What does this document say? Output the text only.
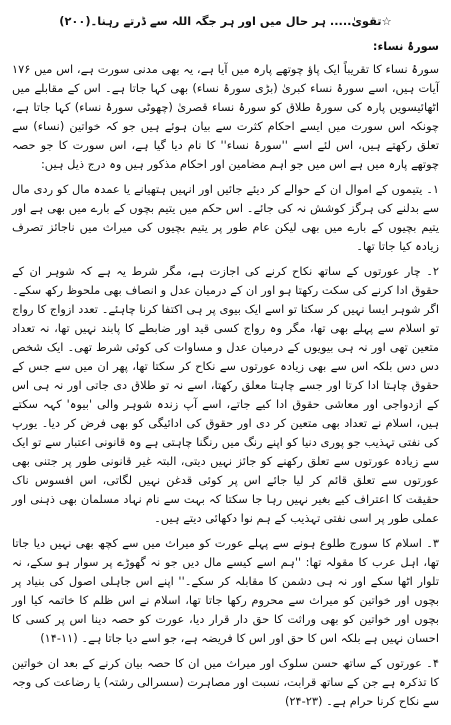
☆تقویٰ..... ہر حال میں اور ہر جگہ اللہ سے ڈرتے رہنا۔(۲۰۰)
سورۂ نساء:

سورۂ نساء کا تقریباً ایک پاؤ چوتھے پارہ میں آیا ہے، یہ بھی مدنی سورت ہے، اس میں ۱۷۶ آیات ہیں، اسے سورۂ نساء کبریٰ (بڑی سورۂ نساء) بھی کہا جاتا ہے۔ اس کے مقابلے میں اٹھائیسویں پارہ کی سورۂ طلاق کو سورۂ نساء قصریٰ (چھوٹی سورۂ نساء) کہا جاتا ہے، چونکہ اس سورت میں ایسے احکام کثرت سے بیان ہوئے ہیں جو کہ خواتین (نساء) سے تعلق رکھتے ہیں، اس لئے اسے ''سورۂ نساء'' کا نام دیا گیا ہے، اس سورت کا جو حصہ چوتھے پارہ میں ہے اس میں جو اہم مضامین اور احکام مذکور ہیں وہ درج ذیل ہیں:

۱۔ یتیموں کے اموال ان کے حوالے کر دیئے جائیں اور انہیں ہتھیانے یا عمدہ مال کو ردی مال سے بدلنے کی ہرگز کوشش نہ کی جائے۔ اس حکم میں یتیم بچوں کے بارے میں بھی ہے اور یتیم بچیوں کے بارے میں بھی لیکن عام طور پر یتیم بچیوں کی میراث میں ناجائز تصرف زیادہ کیا جاتا تھا۔

۲۔ چار عورتوں کے ساتھ نکاح کرنے کی اجازت ہے، مگر شرط یہ ہے کہ شوہر ان کے حقوق ادا کرنے کی سکت رکھتا ہو اور ان کے درمیان عدل و انصاف بھی ملحوظ رکھ سکے۔ اگر شوہر ایسا نہیں کر سکتا تو اسے ایک بیوی پر ہی اکتفا کرنا چاہئے۔ تعدد ازواج کا رواج تو اسلام سے پہلے بھی تھا، مگر وہ رواج کسی قید اور ضابطے کا پابند نہیں تھا، نہ تعداد متعین تھی اور نہ ہی بیویوں کے درمیان عدل و مساوات کی کوئی شرط تھی۔ ایک شخص دس دس بلکہ اس سے بھی زیادہ عورتوں سے نکاح کر سکتا تھا، پھر ان میں سے جس کے حقوق چاہتا ادا کرتا اور جسے چاہتا معلق رکھتا، اسے نہ تو طلاق دی جاتی اور نہ ہی اس کے ازدواجی اور معاشی حقوق ادا کیے جاتے، اسے آپ زندہ شوہر والی 'بیوہ' کہہ سکتے ہیں، اسلام نے تعداد بھی متعین کر دی اور حقوق کی ادائیگی کو بھی فرض کر دیا۔ یورپ کی نفتی تہذیب جو پوری دنیا کو اپنے رنگ میں رنگنا چاہتی ہے وہ قانونی اعتبار سے تو ایک سے زیادہ عورتوں سے تعلق رکھنے کو جائز نہیں دیتی، البتہ غیر قانونی طور پر جتنی بھی عورتوں سے تعلق قائم کر لیا جائے اس پر کوئی قدغن نہیں لگاتی، اس افسوس ناک حقیقت کا اعتراف کیے بغیر نہیں رہا جا سکتا کہ بہت سے نام نہاد مسلمان بھی ذہنی اور عملی طور پر اسی نفتی تہذیب کے ہم نوا دکھائی دیتے ہیں۔

۳۔ اسلام کا سورج طلوع ہونے سے پہلے عورت کو میراث میں سے کچھ بھی نہیں دیا جاتا تھا، اہل عرب کا مقولہ تھا: ''ہم اسے کیسے مال دیں جو نہ گھوڑے پر سوار ہو سکے، نہ تلوار اٹھا سکے اور نہ ہی دشمن کا مقابلہ کر سکے۔'' اپنے اس جاہلی اصول کی بنیاد پر بچوں اور خواتین کو میراث سے محروم رکھا جاتا تھا، اسلام نے اس ظلم کا خاتمہ کیا اور بچوں اور خواتین کو بھی وراثت کا حق دار قرار دیا، عورت کو حصہ دینا اس پر کسی کا احسان نہیں ہے بلکہ اس کا حق اور اس کا فریضہ ہے، جو اسے دیا جاتا ہے۔ (۱۱-۱۴)

۴۔ عورتوں کے ساتھ حسن سلوک اور میراث میں ان کا حصہ بیان کرنے کے بعد ان خواتین کا تذکرہ ہے جن کے ساتھ قرابت، نسبت اور مصاہرت (سسرالی رشتہ) یا رضاعت کی وجہ سے نکاح کرنا حرام ہے۔ (۲۳-۲۴)
